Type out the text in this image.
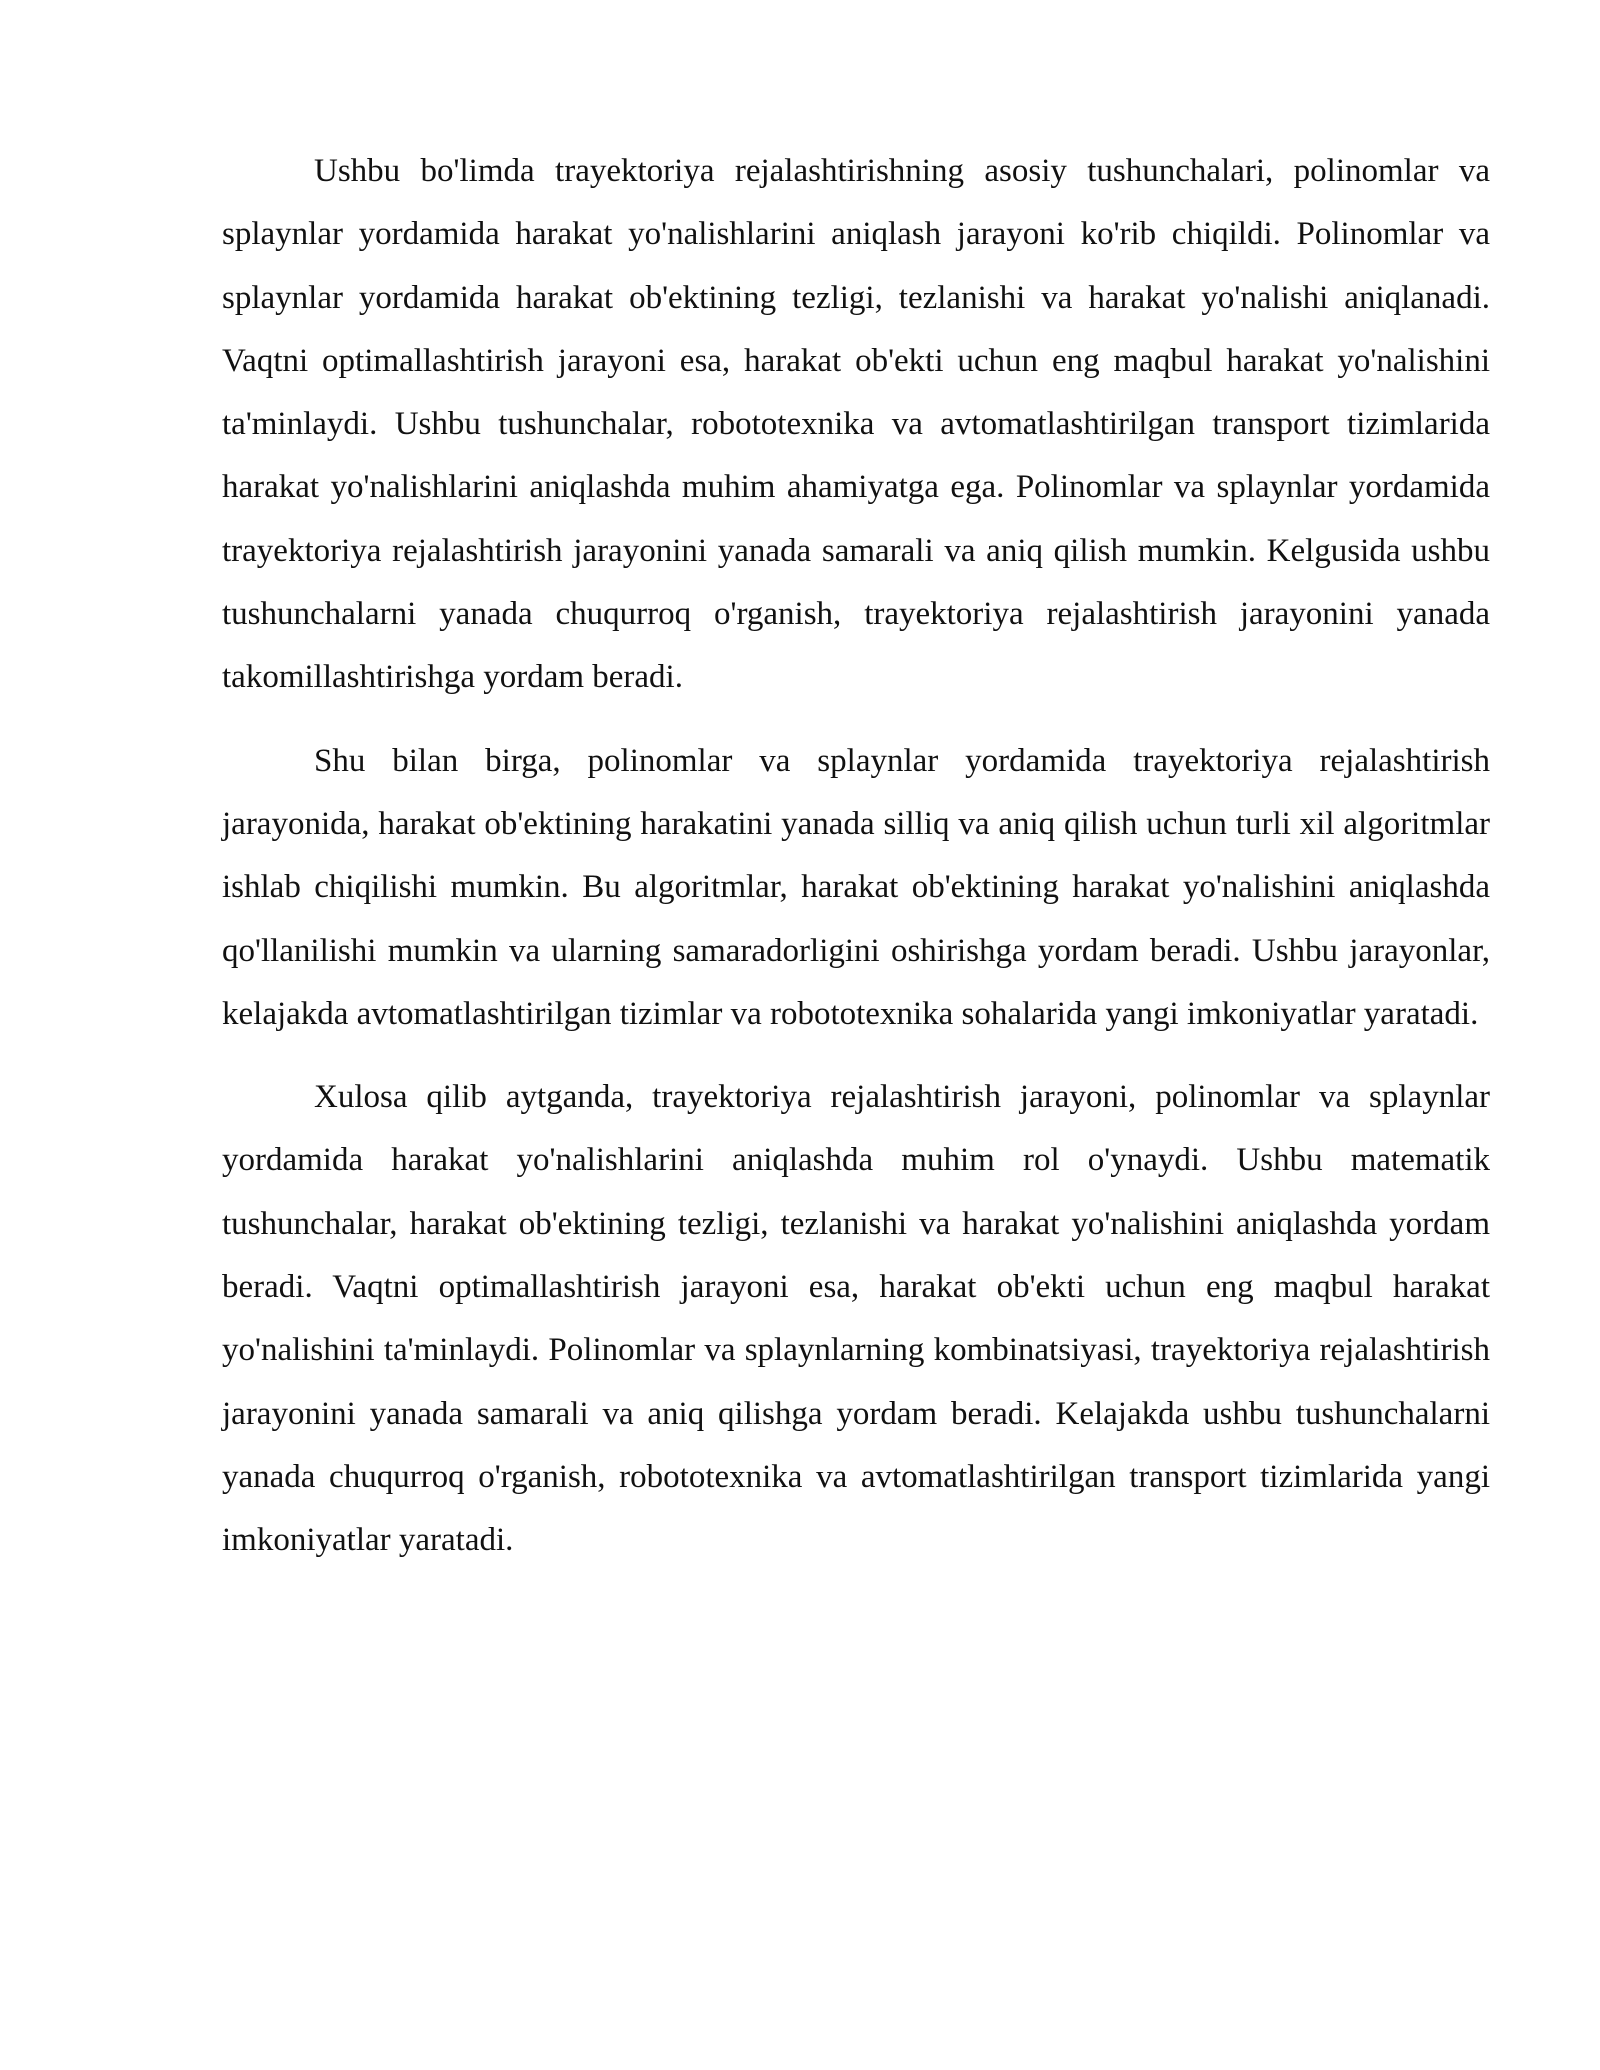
Ushbu bo'limda trayektoriya rejalashtirishning asosiy tushunchalari, polinomlar va splaynlar yordamida harakat yo'nalishlarini aniqlash jarayoni ko'rib chiqildi. Polinomlar va splaynlar yordamida harakat ob'ektining tezligi, tezlanishi va harakat yo'nalishi aniqlanadi. Vaqtni optimallashtirish jarayoni esa, harakat ob'ekti uchun eng maqbul harakat yo'nalishini ta'minlaydi. Ushbu tushunchalar, robototexnika va avtomatlashtirilgan transport tizimlarida harakat yo'nalishlarini aniqlashda muhim ahamiyatga ega. Polinomlar va splaynlar yordamida trayektoriya rejalashtirish jarayonini yanada samarali va aniq qilish mumkin. Kelgusida ushbu tushunchalarni yanada chuqurroq o'rganish, trayektoriya rejalashtirish jarayonini yanada takomillashtirishga yordam beradi.

Shu bilan birga, polinomlar va splaynlar yordamida trayektoriya rejalashtirish jarayonida, harakat ob'ektining harakatini yanada silliq va aniq qilish uchun turli xil algoritmlar ishlab chiqilishi mumkin. Bu algoritmlar, harakat ob'ektining harakat yo'nalishini aniqlashda qo'llanilishi mumkin va ularning samaradorligini oshirishga yordam beradi. Ushbu jarayonlar, kelajakda avtomatlashtirilgan tizimlar va robototexnika sohalarida yangi imkoniyatlar yaratadi.

Xulosa qilib aytganda, trayektoriya rejalashtirish jarayoni, polinomlar va splaynlar yordamida harakat yo'nalishlarini aniqlashda muhim rol o'ynaydi. Ushbu matematik tushunchalar, harakat ob'ektining tezligi, tezlanishi va harakat yo'nalishini aniqlashda yordam beradi. Vaqtni optimallashtirish jarayoni esa, harakat ob'ekti uchun eng maqbul harakat yo'nalishini ta'minlaydi. Polinomlar va splaynlarning kombinatsiyasi, trayektoriya rejalashtirish jarayonini yanada samarali va aniq qilishga yordam beradi. Kelajakda ushbu tushunchalarni yanada chuqurroq o'rganish, robototexnika va avtomatlashtirilgan transport tizimlarida yangi imkoniyatlar yaratadi.
